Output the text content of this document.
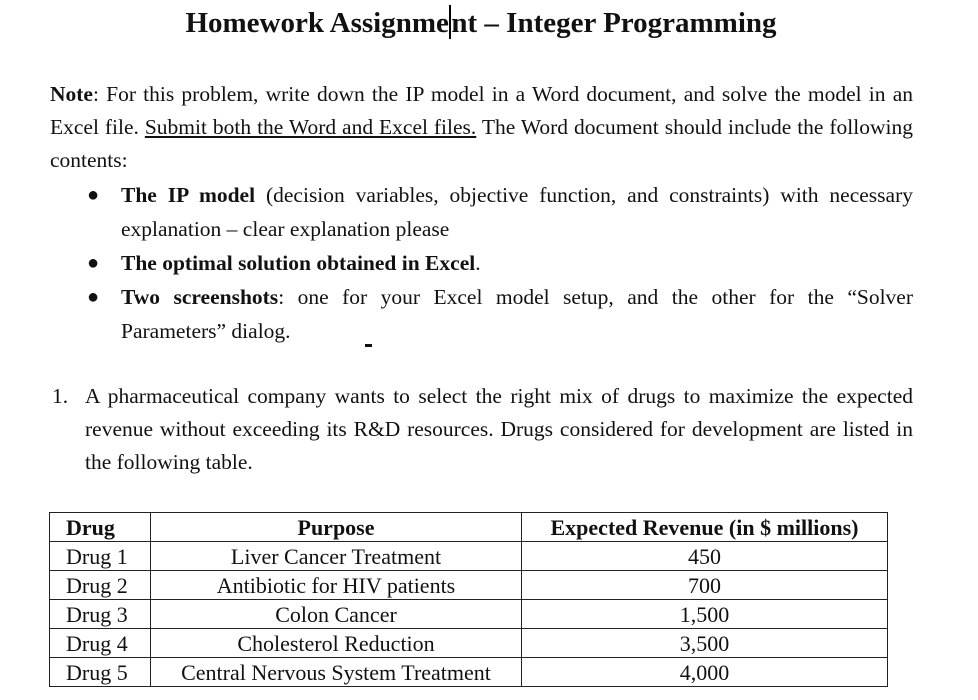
Homework Assignment – Integer Programming

Note: For this problem, write down the IP model in a Word document, and solve the model in an Excel file. Submit both the Word and Excel files. The Word document should include the following contents:

● The IP model (decision variables, objective function, and constraints) with necessary explanation – clear explanation please
● The optimal solution obtained in Excel.
● Two screenshots: one for your Excel model setup, and the other for the “Solver Parameters” dialog.

1. A pharmaceutical company wants to select the right mix of drugs to maximize the expected revenue without exceeding its R&D resources. Drugs considered for development are listed in the following table.

Drug	Purpose	Expected Revenue (in $ millions)
Drug 1	Liver Cancer Treatment	450
Drug 2	Antibiotic for HIV patients	700
Drug 3	Colon Cancer	1,500
Drug 4	Cholesterol Reduction	3,500
Drug 5	Central Nervous System Treatment	4,000
